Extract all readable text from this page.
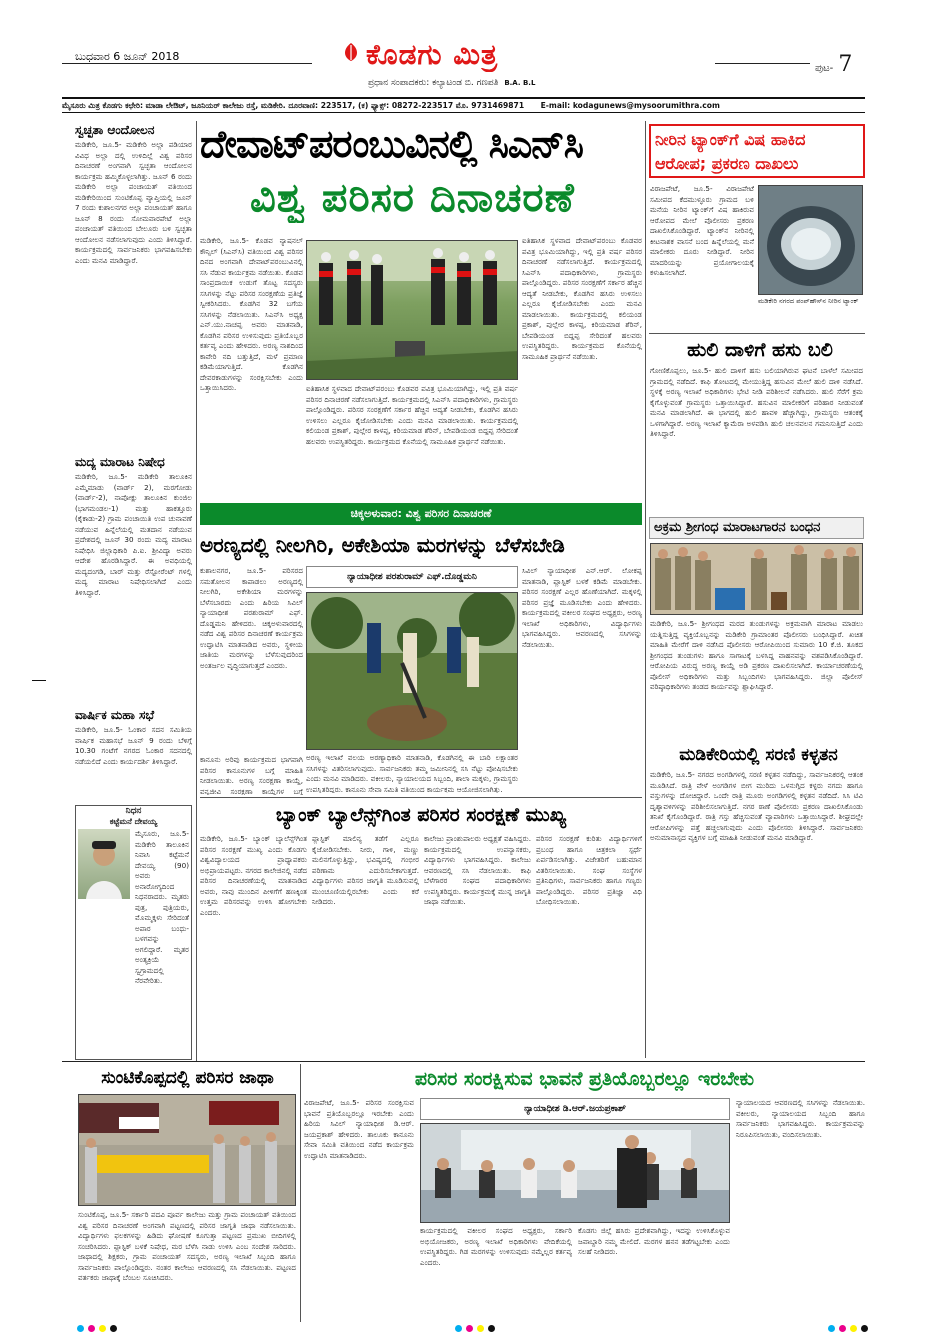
ಬುಧವಾರ 6 ಜೂನ್ 2018	ಕೊಡಗು ಮಿತ್ರ
ಪ್ರಧಾನ ಸಂಪಾದಕರು: ಕಲ್ಯಾಟಂಡ ಬಿ. ಗಣಪತಿ B.A. B.L
ಪುಟ- 7
ಮೈಸೂರು ಮಿತ್ರ ಕೊಡಗು ಕಛೇರಿ: ಮಾಡಾ ಲೇಔಟ್, ಜೂನಿಯರ್ ಕಾಲೇಜು ರಸ್ತೆ, ಮಡಿಕೇರಿ. ದೂರವಾಣಿ: 223517, (ಕ) ಫ್ಯಾಕ್ಸ್: 08272-223517 ಮೊ. 9731469871 E-mail: kodagunews@mysoorumithra.com
ಸ್ವಚ್ಛತಾ ಆಂದೋಲನ
ಮಡಿಕೇರಿ, ಜೂ.5- ಮಡಿಕೇರಿ ಅಲ್ಲಾ ಪಡಿಯಾರ ವಿವಿಧ ಅಲ್ಲಾ ದಲ್ಲಿ ಉಳಿದಿಲ್ಲೆ ವಿಶ್ವ ಪರಿಸರ ದಿನಾಚರಣೆ ಅಂಗವಾಗಿ ಸ್ವಚ್ಛತಾ ಆಂದೋಲನ ಕಾರ್ಯಕ್ರಮ ಹಮ್ಮಿಕೊಳ್ಳಲಾಗಿತ್ತು. ಜೂನ್ 6 ರಂದು ಮಡಿಕೇರಿ ಅಲ್ಲಾ ಪಂಚಾಯತ್ ವತಿಯಿಂದ ಮಡಿಕೇರಿಯಿಂದ ಸುಂಟಿಕೊಪ್ಪ ವ್ಯಾಪ್ತಿಯಲ್ಲಿ ಜೂನ್ 7 ರಂದು ಕುಶಾಲನಗರ ಅಲ್ಲಾ ಪಂಚಾಯತ್ ಹಾಗೂ ಜೂನ್ 8 ರಂದು ಸೋಮವಾರಪೇಟೆ ಅಲ್ಲಾ ಪಂಚಾಯತ್ ವತಿಯಿಂದ ಬೇಲೂರು ಬಳಿ ಸ್ವಚ್ಛತಾ ಆಂದೋಲನ ನಡೆಸಲಾಗುವುದು ಎಂದು ತಿಳಿಸಿದ್ದಾರೆ. ಕಾರ್ಯಕ್ರಮದಲ್ಲಿ ಸಾರ್ವಜನಿಕರು ಭಾಗವಹಿಸಬೇಕು ಎಂದು ಮನವಿ ಮಾಡಿದ್ದಾರೆ.
ಮದ್ಯ ಮಾರಾಟ ನಿಷೇಧ
ಮಡಿಕೇರಿ, ಜೂ.5- ಮಡಿಕೇರಿ ತಾಲೂಕಿನ ಎಮ್ಮೆಮಾಡು (ವಾರ್ಡ್ 2), ಮರಗೋಡು (ವಾರ್ಡ್-2), ನಾಪೋಕ್ಲು ತಾಲೂಕಿನ ಕುಂಜಿಲ (ಭಾಗಮಂಡಲ-1) ಮತ್ತು ಹಾಕತ್ತೂರು (ಕೈಕಾಡು-2) ಗ್ರಾಮ ಪಂಚಾಯಿತಿ ಉಪ ಚುನಾವಣೆ ನಡೆಯುವ ಹಿನ್ನೆಲೆಯಲ್ಲಿ ಮತದಾನ ನಡೆಯುವ ಪ್ರದೇಶದಲ್ಲಿ ಜೂನ್ 30 ರಂದು ಮದ್ಯ ಮಾರಾಟ ನಿಷೇಧಿಸಿ ಜಿಲ್ಲಾಧಿಕಾರಿ ಪಿ.ಐ. ಶ್ರೀವಿದ್ಯಾ ಅವರು ಆದೇಶ ಹೊರಡಿಸಿದ್ದಾರೆ. ಈ ಅವಧಿಯಲ್ಲಿ ಮದ್ಯದಂಗಡಿ, ಬಾರ್ ಮತ್ತು ರೆಸ್ಟೋರೆಂಟ್ ಗಳಲ್ಲಿ ಮದ್ಯ ಮಾರಾಟ ನಿಷೇಧಿಸಲಾಗಿದೆ ಎಂದು ತಿಳಿಸಿದ್ದಾರೆ.
ವಾರ್ಷಿಕ ಮಹಾ ಸಭೆ
ಮಡಿಕೇರಿ, ಜೂ.5- ಓಂಕಾರ ಸದನ ಸಮಿತಿಯ ವಾರ್ಷಿಕ ಮಹಾಸಭೆ ಜೂನ್ 9 ರಂದು ಬೆಳಿಗ್ಗೆ 10.30 ಗಂಟೆಗೆ ನಗರದ ಓಂಕಾರ ಸದನದಲ್ಲಿ ನಡೆಯಲಿದೆ ಎಂದು ಕಾರ್ಯದರ್ಶಿ ತಿಳಿಸಿದ್ದಾರೆ.
ನಿಧನ
ಕಟ್ಟೆಮನೆ ದೇವಯ್ಯ
ಮೈಸೂರು, ಜೂ.5- ಮಡಿಕೇರಿ ತಾಲೂಕಿನ ನಿವಾಸಿ ಕಟ್ಟೆಮನೆ ದೇವಯ್ಯ (90) ಅವರು ಅನಾರೋಗ್ಯದಿಂದ ನಿಧನರಾದರು. ಮೃತರು ಪುತ್ರ, ಪುತ್ರಿಯರು, ಮೊಮ್ಮಕ್ಕಳು ಸೇರಿದಂತೆ ಅಪಾರ ಬಂಧು-ಬಳಗವನ್ನು ಅಗಲಿದ್ದಾರೆ. ಮೃತರ ಅಂತ್ಯಕ್ರಿಯೆ ಸ್ವಗ್ರಾಮದಲ್ಲಿ ನೆರವೇರಿತು.
ದೇವಾಟ್‌ಪರಂಬುವಿನಲ್ಲಿ ಸಿಎನ್‌ಸಿ
ವಿಶ್ವ ಪರಿಸರ ದಿನಾಚರಣೆ
ಮಡಿಕೇರಿ, ಜೂ.5- ಕೊಡವ ನ್ಯಾಷನಲ್ ಕೌನ್ಸಿಲ್ (ಸಿಎನ್‌ಸಿ) ವತಿಯಿಂದ ವಿಶ್ವ ಪರಿಸರ ದಿನದ ಅಂಗವಾಗಿ ದೇವಾಟ್‌ಪರಂಬುವಿನಲ್ಲಿ ಸಸಿ ನೆಡುವ ಕಾರ್ಯಕ್ರಮ ನಡೆಯಿತು. ಕೊಡವ ಸಾಂಪ್ರದಾಯಿಕ ಉಡುಗೆ ತೊಟ್ಟ ಸದಸ್ಯರು ಸಸಿಗಳನ್ನು ನೆಟ್ಟು ಪರಿಸರ ಸಂರಕ್ಷಣೆಯ ಪ್ರತಿಜ್ಞೆ ಸ್ವೀಕರಿಸಿದರು. ಕೊಡಗಿನ 32 ಬಗೆಯ ಸಸಿಗಳನ್ನು ನೆಡಲಾಯಿತು. ಸಿಎನ್‌ಸಿ ಅಧ್ಯಕ್ಷ ಎನ್.ಯು.ನಾಚಪ್ಪ ಅವರು ಮಾತನಾಡಿ, ಕೊಡಗಿನ ಪರಿಸರ ಉಳಿಸುವುದು ಪ್ರತಿಯೊಬ್ಬರ ಕರ್ತವ್ಯ ಎಂದು ಹೇಳಿದರು. ಅರಣ್ಯ ನಾಶದಿಂದ ಕಾವೇರಿ ನದಿ ಬತ್ತುತ್ತಿದೆ, ಮಳೆ ಪ್ರಮಾಣ ಕಡಿಮೆಯಾಗುತ್ತಿದೆ. ಕೊಡಗಿನ ದೇವರಕಾಡುಗಳನ್ನು ಸಂರಕ್ಷಿಸಬೇಕು ಎಂದು ಒತ್ತಾಯಿಸಿದರು.	ಐತಿಹಾಸಿಕ ಸ್ಥಳವಾದ ದೇವಾಟ್‌ಪರಂಬು ಕೊಡವರ ಪವಿತ್ರ ಭೂಮಿಯಾಗಿದ್ದು, ಇಲ್ಲಿ ಪ್ರತಿ ವರ್ಷ ಪರಿಸರ ದಿನಾಚರಣೆ ನಡೆಸಲಾಗುತ್ತಿದೆ. ಕಾರ್ಯಕ್ರಮದಲ್ಲಿ ಸಿಎನ್‌ಸಿ ಪದಾಧಿಕಾರಿಗಳು, ಗ್ರಾಮಸ್ಥರು ಪಾಲ್ಗೊಂಡಿದ್ದರು. ಪರಿಸರ ಸಂರಕ್ಷಣೆಗೆ ಸರ್ಕಾರ ಹೆಚ್ಚಿನ ಆದ್ಯತೆ ನೀಡಬೇಕು, ಕೊಡಗಿನ ಹಸಿರು ಉಳಿಸಲು ಎಲ್ಲರೂ ಕೈಜೋಡಿಸಬೇಕು ಎಂದು ಮನವಿ ಮಾಡಲಾಯಿತು. ಕಾರ್ಯಕ್ರಮದಲ್ಲಿ ಕಲಿಯಂಡ ಪ್ರಕಾಶ್, ಪುಲ್ಲೇರ ಕಾಳಪ್ಪ, ಕಿರಿಯಮಾಡ ಶೆರಿನ್, ಬೇಪಡಿಯಂಡ ಬಿದ್ದಪ್ಪ ಸೇರಿದಂತೆ ಹಲವರು ಉಪಸ್ಥಿತರಿದ್ದರು. ಕಾರ್ಯಕ್ರಮದ ಕೊನೆಯಲ್ಲಿ ಸಾಮೂಹಿಕ ಪ್ರಾರ್ಥನೆ ನಡೆಯಿತು.
ಐತಿಹಾಸಿಕ ಸ್ಥಳವಾದ ದೇವಾಟ್‌ಪರಂಬು ಕೊಡವರ ಪವಿತ್ರ ಭೂಮಿಯಾಗಿದ್ದು, ಇಲ್ಲಿ ಪ್ರತಿ ವರ್ಷ ಪರಿಸರ ದಿನಾಚರಣೆ ನಡೆಸಲಾಗುತ್ತಿದೆ. ಕಾರ್ಯಕ್ರಮದಲ್ಲಿ ಸಿಎನ್‌ಸಿ ಪದಾಧಿಕಾರಿಗಳು, ಗ್ರಾಮಸ್ಥರು ಪಾಲ್ಗೊಂಡಿದ್ದರು. ಪರಿಸರ ಸಂರಕ್ಷಣೆಗೆ ಸರ್ಕಾರ ಹೆಚ್ಚಿನ ಆದ್ಯತೆ ನೀಡಬೇಕು, ಕೊಡಗಿನ ಹಸಿರು ಉಳಿಸಲು ಎಲ್ಲರೂ ಕೈಜೋಡಿಸಬೇಕು ಎಂದು ಮನವಿ ಮಾಡಲಾಯಿತು. ಕಾರ್ಯಕ್ರಮದಲ್ಲಿ ಕಲಿಯಂಡ ಪ್ರಕಾಶ್, ಪುಲ್ಲೇರ ಕಾಳಪ್ಪ, ಕಿರಿಯಮಾಡ ಶೆರಿನ್, ಬೇಪಡಿಯಂಡ ಬಿದ್ದಪ್ಪ ಸೇರಿದಂತೆ ಹಲವರು ಉಪಸ್ಥಿತರಿದ್ದರು. ಕಾರ್ಯಕ್ರಮದ ಕೊನೆಯಲ್ಲಿ ಸಾಮೂಹಿಕ ಪ್ರಾರ್ಥನೆ ನಡೆಯಿತು.
ನೀರಿನ ಟ್ಯಾಂಕ್‌ಗೆ ವಿಷ ಹಾಕಿದ ಆರೋಪ; ಪ್ರಕರಣ ದಾಖಲು
ವಿರಾಜಪೇಟೆ, ಜೂ.5- ವಿರಾಜಪೇಟೆ ಸಮೀಪದ ಕೆದಮುಳ್ಳೂರು ಗ್ರಾಮದ ಬಳಿ ಮನೆಯ ನೀರಿನ ಟ್ಯಾಂಕ್‌ಗೆ ವಿಷ ಹಾಕಿರುವ ಆರೋಪದ ಮೇಲೆ ಪೊಲೀಸರು ಪ್ರಕರಣ ದಾಖಲಿಸಿಕೊಂಡಿದ್ದಾರೆ. ಟ್ಯಾಂಕ್‌ನ ನೀರಿನಲ್ಲಿ ಕೀಟನಾಶಕ ವಾಸನೆ ಬಂದ ಹಿನ್ನೆಲೆಯಲ್ಲಿ ಮನೆ ಮಾಲೀಕರು ದೂರು ನೀಡಿದ್ದಾರೆ. ನೀರಿನ ಮಾದರಿಯನ್ನು ಪ್ರಯೋಗಾಲಯಕ್ಕೆ ಕಳುಹಿಸಲಾಗಿದೆ.
ಮಡಿಕೇರಿ ನಗರದ ಪಂಪ್‌ಹೌಸ್‌ನ ನೀರಿನ ಟ್ಯಾಂಕ್
ಹುಲಿ ದಾಳಿಗೆ ಹಸು ಬಲಿ
ಗೋಣಿಕೊಪ್ಪಲು, ಜೂ.5- ಹುಲಿ ದಾಳಿಗೆ ಹಸು ಬಲಿಯಾಗಿರುವ ಘಟನೆ ಬಾಳೆಲೆ ಸಮೀಪದ ಗ್ರಾಮದಲ್ಲಿ ನಡೆದಿದೆ. ಕಾಫಿ ತೋಟದಲ್ಲಿ ಮೇಯುತ್ತಿದ್ದ ಹಸುವಿನ ಮೇಲೆ ಹುಲಿ ದಾಳಿ ನಡೆಸಿದೆ. ಸ್ಥಳಕ್ಕೆ ಅರಣ್ಯ ಇಲಾಖೆ ಅಧಿಕಾರಿಗಳು ಭೇಟಿ ನೀಡಿ ಪರಿಶೀಲನೆ ನಡೆಸಿದರು. ಹುಲಿ ಸೆರೆಗೆ ಕ್ರಮ ಕೈಗೊಳ್ಳುವಂತೆ ಗ್ರಾಮಸ್ಥರು ಒತ್ತಾಯಿಸಿದ್ದಾರೆ. ಹಸುವಿನ ಮಾಲೀಕರಿಗೆ ಪರಿಹಾರ ನೀಡುವಂತೆ ಮನವಿ ಮಾಡಲಾಗಿದೆ. ಈ ಭಾಗದಲ್ಲಿ ಹುಲಿ ಹಾವಳಿ ಹೆಚ್ಚಾಗಿದ್ದು, ಗ್ರಾಮಸ್ಥರು ಆತಂಕಕ್ಕೆ ಒಳಗಾಗಿದ್ದಾರೆ. ಅರಣ್ಯ ಇಲಾಖೆ ಕ್ಯಾಮೆರಾ ಅಳವಡಿಸಿ ಹುಲಿ ಚಲನವಲನ ಗಮನಿಸುತ್ತಿದೆ ಎಂದು ತಿಳಿಸಿದ್ದಾರೆ.
ಅಕ್ರಮ ಶ್ರೀಗಂಧ ಮಾರಾಟಗಾರನ ಬಂಧನ
ಮಡಿಕೇರಿ, ಜೂ.5- ಶ್ರೀಗಂಧದ ಮರದ ತುಂಡುಗಳನ್ನು ಅಕ್ರಮವಾಗಿ ಮಾರಾಟ ಮಾಡಲು ಯತ್ನಿಸುತ್ತಿದ್ದ ವ್ಯಕ್ತಿಯೊಬ್ಬನನ್ನು ಮಡಿಕೇರಿ ಗ್ರಾಮಾಂತರ ಪೊಲೀಸರು ಬಂಧಿಸಿದ್ದಾರೆ. ಖಚಿತ ಮಾಹಿತಿ ಮೇರೆಗೆ ದಾಳಿ ನಡೆಸಿದ ಪೊಲೀಸರು ಆರೋಪಿಯಿಂದ ಸುಮಾರು 10 ಕೆ.ಜಿ. ತೂಕದ ಶ್ರೀಗಂಧದ ತುಂಡುಗಳು ಹಾಗೂ ಸಾಗಾಟಕ್ಕೆ ಬಳಸಿದ್ದ ವಾಹನವನ್ನು ವಶಪಡಿಸಿಕೊಂಡಿದ್ದಾರೆ. ಆರೋಪಿಯ ವಿರುದ್ಧ ಅರಣ್ಯ ಕಾಯ್ದೆ ಅಡಿ ಪ್ರಕರಣ ದಾಖಲಿಸಲಾಗಿದೆ. ಕಾರ್ಯಾಚರಣೆಯಲ್ಲಿ ಪೊಲೀಸ್ ಅಧಿಕಾರಿಗಳು ಮತ್ತು ಸಿಬ್ಬಂದಿಗಳು ಭಾಗವಹಿಸಿದ್ದರು. ಜಿಲ್ಲಾ ಪೊಲೀಸ್ ವರಿಷ್ಠಾಧಿಕಾರಿಗಳು ತಂಡದ ಕಾರ್ಯವನ್ನು ಶ್ಲಾಘಿಸಿದ್ದಾರೆ.
ಮಡಿಕೇರಿಯಲ್ಲಿ ಸರಣಿ ಕಳ್ಳತನ
ಮಡಿಕೇರಿ, ಜೂ.5- ನಗರದ ಅಂಗಡಿಗಳಲ್ಲಿ ಸರಣಿ ಕಳ್ಳತನ ನಡೆದಿದ್ದು, ಸಾರ್ವಜನಿಕರಲ್ಲಿ ಆತಂಕ ಮೂಡಿಸಿದೆ. ರಾತ್ರಿ ವೇಳೆ ಅಂಗಡಿಗಳ ಬೀಗ ಮುರಿದು ಒಳನುಗ್ಗಿದ ಕಳ್ಳರು ನಗದು ಹಾಗೂ ವಸ್ತುಗಳನ್ನು ದೋಚಿದ್ದಾರೆ. ಒಂದೇ ರಾತ್ರಿ ಮೂರು ಅಂಗಡಿಗಳಲ್ಲಿ ಕಳ್ಳತನ ನಡೆದಿದೆ. ಸಿಸಿ ಟಿವಿ ದೃಶ್ಯಾವಳಿಗಳನ್ನು ಪರಿಶೀಲಿಸಲಾಗುತ್ತಿದೆ. ನಗರ ಠಾಣೆ ಪೊಲೀಸರು ಪ್ರಕರಣ ದಾಖಲಿಸಿಕೊಂಡು ತನಿಖೆ ಕೈಗೊಂಡಿದ್ದಾರೆ. ರಾತ್ರಿ ಗಸ್ತು ಹೆಚ್ಚಿಸುವಂತೆ ವ್ಯಾಪಾರಿಗಳು ಒತ್ತಾಯಿಸಿದ್ದಾರೆ. ಶೀಘ್ರದಲ್ಲೇ ಆರೋಪಿಗಳನ್ನು ಪತ್ತೆ ಹಚ್ಚಲಾಗುವುದು ಎಂದು ಪೊಲೀಸರು ತಿಳಿಸಿದ್ದಾರೆ. ಸಾರ್ವಜನಿಕರು ಅನುಮಾನಾಸ್ಪದ ವ್ಯಕ್ತಿಗಳ ಬಗ್ಗೆ ಮಾಹಿತಿ ನೀಡುವಂತೆ ಮನವಿ ಮಾಡಿದ್ದಾರೆ.
ಚಿಕ್ಕಅಳುವಾರ: ವಿಶ್ವ ಪರಿಸರ ದಿನಾಚರಣೆ
ಅರಣ್ಯದಲ್ಲಿ ನೀಲಗಿರಿ, ಅಕೇಶಿಯಾ ಮರಗಳನ್ನು ಬೆಳೆಸಬೇಡಿ
ಕುಶಾಲನಗರ, ಜೂ.5- ಪರಿಸರದ ಸಮತೋಲನ ಕಾಪಾಡಲು ಅರಣ್ಯದಲ್ಲಿ ನೀಲಗಿರಿ, ಅಕೇಶಿಯಾ ಮರಗಳನ್ನು ಬೆಳೆಸಬಾರದು ಎಂದು ಹಿರಿಯ ಸಿವಿಲ್ ನ್ಯಾಯಾಧೀಶ ಪರಶುರಾಮ್ ಎಫ್. ದೊಡ್ಡಮನಿ ಹೇಳಿದರು. ಚಿಕ್ಕಅಳುವಾರದಲ್ಲಿ ನಡೆದ ವಿಶ್ವ ಪರಿಸರ ದಿನಾಚರಣೆ ಕಾರ್ಯಕ್ರಮ ಉದ್ಘಾಟಿಸಿ ಮಾತನಾಡಿದ ಅವರು, ಸ್ಥಳೀಯ ಜಾತಿಯ ಮರಗಳನ್ನು ಬೆಳೆಸುವುದರಿಂದ ಅಂತರ್ಜಲ ವೃದ್ಧಿಯಾಗುತ್ತದೆ ಎಂದರು.
ನ್ಯಾಯಾಧೀಶ ಪರಶುರಾಮ್ ಎಫ್.ದೊಡ್ಡಮನಿ
ಅರಣ್ಯ ಇಲಾಖೆ ವಲಯ ಅರಣ್ಯಾಧಿಕಾರಿ ಮಾತನಾಡಿ, ಕೊಡಗಿನಲ್ಲಿ ಈ ಬಾರಿ ಲಕ್ಷಾಂತರ ಸಸಿಗಳನ್ನು ವಿತರಿಸಲಾಗುವುದು. ಸಾರ್ವಜನಿಕರು ತಮ್ಮ ಜಮೀನಿನಲ್ಲಿ ಸಸಿ ನೆಟ್ಟು ಪೋಷಿಸಬೇಕು ಎಂದು ಮನವಿ ಮಾಡಿದರು. ವಕೀಲರು, ನ್ಯಾಯಾಲಯದ ಸಿಬ್ಬಂದಿ, ಶಾಲಾ ಮಕ್ಕಳು, ಗ್ರಾಮಸ್ಥರು ಉಪಸ್ಥಿತರಿದ್ದರು. ಕಾನೂನು ಸೇವಾ ಸಮಿತಿ ವತಿಯಿಂದ ಕಾರ್ಯಕ್ರಮ ಆಯೋಜಿಸಲಾಗಿತ್ತು.
ಸಿವಿಲ್ ನ್ಯಾಯಾಧೀಶ ಎನ್.ಆರ್. ಲೋಕಪ್ಪ ಮಾತನಾಡಿ, ಪ್ಲಾಸ್ಟಿಕ್ ಬಳಕೆ ಕಡಿಮೆ ಮಾಡಬೇಕು. ಪರಿಸರ ಸಂರಕ್ಷಣೆ ಎಲ್ಲರ ಹೊಣೆಯಾಗಿದೆ. ಮಕ್ಕಳಲ್ಲಿ ಪರಿಸರ ಪ್ರಜ್ಞೆ ಮೂಡಿಸಬೇಕು ಎಂದು ಹೇಳಿದರು. ಕಾರ್ಯಕ್ರಮದಲ್ಲಿ ವಕೀಲರ ಸಂಘದ ಅಧ್ಯಕ್ಷರು, ಅರಣ್ಯ ಇಲಾಖೆ ಅಧಿಕಾರಿಗಳು, ವಿದ್ಯಾರ್ಥಿಗಳು ಭಾಗವಹಿಸಿದ್ದರು. ಆವರಣದಲ್ಲಿ ಸಸಿಗಳನ್ನು ನೆಡಲಾಯಿತು.
ಕಾನೂನು ಅರಿವು ಕಾರ್ಯಕ್ರಮದ ಭಾಗವಾಗಿ ಪರಿಸರ ಕಾನೂನುಗಳ ಬಗ್ಗೆ ಮಾಹಿತಿ ನೀಡಲಾಯಿತು. ಅರಣ್ಯ ಸಂರಕ್ಷಣಾ ಕಾಯ್ದೆ, ವನ್ಯಜೀವಿ ಸಂರಕ್ಷಣಾ ಕಾಯ್ದೆಗಳ ಬಗ್ಗೆ
ಬ್ಯಾಂಕ್ ಬ್ಯಾಲೆನ್ಸ್‌ಗಿಂತ ಪರಿಸರ ಸಂರಕ್ಷಣೆ ಮುಖ್ಯ
ಮಡಿಕೇರಿ, ಜೂ.5- ಬ್ಯಾಂಕ್ ಬ್ಯಾಲೆನ್ಸ್‌ಗಿಂತ ಪರಿಸರ ಸಂರಕ್ಷಣೆ ಮುಖ್ಯ ಎಂದು ಕೊಡಗು ವಿಶ್ವವಿದ್ಯಾಲಯದ ಪ್ರಾಧ್ಯಾಪಕರು ಅಭಿಪ್ರಾಯಪಟ್ಟರು. ನಗರದ ಕಾಲೇಜಿನಲ್ಲಿ ನಡೆದ ಪರಿಸರ ದಿನಾಚರಣೆಯಲ್ಲಿ ಮಾತನಾಡಿದ ಅವರು, ನಾವು ಮುಂದಿನ ಪೀಳಿಗೆಗೆ ಹಣಕ್ಕಿಂತ ಉತ್ತಮ ಪರಿಸರವನ್ನು ಉಳಿಸಿ ಹೋಗಬೇಕು ಎಂದರು.
ಪ್ಲಾಸ್ಟಿಕ್ ಮಾಲಿನ್ಯ ತಡೆಗೆ ಎಲ್ಲರೂ ಕೈಜೋಡಿಸಬೇಕು. ನೀರು, ಗಾಳಿ, ಮಣ್ಣು ಮಲಿನಗೊಳ್ಳುತ್ತಿದ್ದು, ಭವಿಷ್ಯದಲ್ಲಿ ಗಂಭೀರ ಪರಿಣಾಮ ಎದುರಿಸಬೇಕಾಗುತ್ತದೆ. ವಿದ್ಯಾರ್ಥಿಗಳು ಪರಿಸರ ಜಾಗೃತಿ ಮೂಡಿಸುವಲ್ಲಿ ಮುಂಚೂಣಿಯಲ್ಲಿರಬೇಕು ಎಂದು ಕರೆ ನೀಡಿದರು.
ಕಾಲೇಜು ಪ್ರಾಂಶುಪಾಲರು ಅಧ್ಯಕ್ಷತೆ ವಹಿಸಿದ್ದರು. ಕಾರ್ಯಕ್ರಮದಲ್ಲಿ ಉಪನ್ಯಾಸಕರು, ವಿದ್ಯಾರ್ಥಿಗಳು ಭಾಗವಹಿಸಿದ್ದರು. ಕಾಲೇಜು ಆವರಣದಲ್ಲಿ ಸಸಿ ನೆಡಲಾಯಿತು. ಕಾಫಿ ಬೆಳೆಗಾರರ ಸಂಘದ ಪದಾಧಿಕಾರಿಗಳು ಉಪಸ್ಥಿತರಿದ್ದರು. ಕಾರ್ಯಕ್ರಮಕ್ಕೆ ಮುನ್ನ ಜಾಗೃತಿ ಜಾಥಾ ನಡೆಯಿತು.
ಪರಿಸರ ಸಂರಕ್ಷಣೆ ಕುರಿತು ವಿದ್ಯಾರ್ಥಿಗಳಿಗೆ ಪ್ರಬಂಧ ಹಾಗೂ ಚಿತ್ರಕಲಾ ಸ್ಪರ್ಧೆ ಏರ್ಪಡಿಸಲಾಗಿತ್ತು. ವಿಜೇತರಿಗೆ ಬಹುಮಾನ ವಿತರಿಸಲಾಯಿತು. ಸಂಘ ಸಂಸ್ಥೆಗಳ ಪ್ರತಿನಿಧಿಗಳು, ಸಾರ್ವಜನಿಕರು ಹಾಗೂ ಗಣ್ಯರು ಪಾಲ್ಗೊಂಡಿದ್ದರು. ಪರಿಸರ ಪ್ರತಿಜ್ಞಾ ವಿಧಿ ಬೋಧಿಸಲಾಯಿತು.
ಸುಂಟಿಕೊಪ್ಪದಲ್ಲಿ ಪರಿಸರ ಜಾಥಾ
ಸುಂಟಿಕೊಪ್ಪ, ಜೂ.5- ಸರ್ಕಾರಿ ಪದವಿ ಪೂರ್ವ ಕಾಲೇಜು ಮತ್ತು ಗ್ರಾಮ ಪಂಚಾಯತ್ ವತಿಯಿಂದ ವಿಶ್ವ ಪರಿಸರ ದಿನಾಚರಣೆ ಅಂಗವಾಗಿ ಪಟ್ಟಣದಲ್ಲಿ ಪರಿಸರ ಜಾಗೃತಿ ಜಾಥಾ ನಡೆಸಲಾಯಿತು. ವಿದ್ಯಾರ್ಥಿಗಳು ಫಲಕಗಳನ್ನು ಹಿಡಿದು ಘೋಷಣೆ ಕೂಗುತ್ತಾ ಪಟ್ಟಣದ ಪ್ರಮುಖ ಬೀದಿಗಳಲ್ಲಿ ಸಂಚರಿಸಿದರು. ಪ್ಲಾಸ್ಟಿಕ್ ಬಳಕೆ ನಿಷೇಧ, ಮರ ಬೆಳೆಸಿ ನಾಡು ಉಳಿಸಿ ಎಂಬ ಸಂದೇಶ ಸಾರಿದರು. ಜಾಥಾದಲ್ಲಿ ಶಿಕ್ಷಕರು, ಗ್ರಾಮ ಪಂಚಾಯತ್ ಸದಸ್ಯರು, ಅರಣ್ಯ ಇಲಾಖೆ ಸಿಬ್ಬಂದಿ ಹಾಗೂ ಸಾರ್ವಜನಿಕರು ಪಾಲ್ಗೊಂಡಿದ್ದರು. ನಂತರ ಕಾಲೇಜು ಆವರಣದಲ್ಲಿ ಸಸಿ ನೆಡಲಾಯಿತು. ಪಟ್ಟಣದ ವರ್ತಕರು ಜಾಥಾಕ್ಕೆ ಬೆಂಬಲ ಸೂಚಿಸಿದರು.
ಪರಿಸರ ಸಂರಕ್ಷಿಸುವ ಭಾವನೆ ಪ್ರತಿಯೊಬ್ಬರಲ್ಲೂ ಇರಬೇಕು
ವಿರಾಜಪೇಟೆ, ಜೂ.5- ಪರಿಸರ ಸಂರಕ್ಷಿಸುವ ಭಾವನೆ ಪ್ರತಿಯೊಬ್ಬರಲ್ಲೂ ಇರಬೇಕು ಎಂದು ಹಿರಿಯ ಸಿವಿಲ್ ನ್ಯಾಯಾಧೀಶ ಡಿ.ಆರ್. ಜಯಪ್ರಕಾಶ್ ಹೇಳಿದರು. ತಾಲೂಕು ಕಾನೂನು ಸೇವಾ ಸಮಿತಿ ವತಿಯಿಂದ ನಡೆದ ಕಾರ್ಯಕ್ರಮ ಉದ್ಘಾಟಿಸಿ ಮಾತನಾಡಿದರು.
ನ್ಯಾಯಾಧೀಶ ಡಿ.ಆರ್.ಜಯಪ್ರಕಾಶ್
ಕಾರ್ಯಕ್ರಮದಲ್ಲಿ ವಕೀಲರ ಸಂಘದ ಅಧ್ಯಕ್ಷರು, ಸರ್ಕಾರಿ ಅಭಿಯೋಜಕರು, ಅರಣ್ಯ ಇಲಾಖೆ ಅಧಿಕಾರಿಗಳು ವೇದಿಕೆಯಲ್ಲಿ ಉಪಸ್ಥಿತರಿದ್ದರು. ಗಿಡ ಮರಗಳನ್ನು ಉಳಿಸುವುದು ನಮ್ಮೆಲ್ಲರ ಕರ್ತವ್ಯ ಎಂದರು.
ಕೊಡಗು ಜಿಲ್ಲೆ ಹಸಿರು ಪ್ರದೇಶವಾಗಿದ್ದು, ಇದನ್ನು ಉಳಿಸಿಕೊಳ್ಳುವ ಜವಾಬ್ದಾರಿ ನಮ್ಮ ಮೇಲಿದೆ. ಮರಗಳ ಹನನ ತಡೆಗಟ್ಟಬೇಕು ಎಂದು ಸಲಹೆ ನೀಡಿದರು.
ನ್ಯಾಯಾಲಯದ ಆವರಣದಲ್ಲಿ ಸಸಿಗಳನ್ನು ನೆಡಲಾಯಿತು. ವಕೀಲರು, ನ್ಯಾಯಾಲಯದ ಸಿಬ್ಬಂದಿ ಹಾಗೂ ಸಾರ್ವಜನಿಕರು ಭಾಗವಹಿಸಿದ್ದರು. ಕಾರ್ಯಕ್ರಮವನ್ನು ನಿರೂಪಿಸಲಾಯಿತು, ವಂದಿಸಲಾಯಿತು.
